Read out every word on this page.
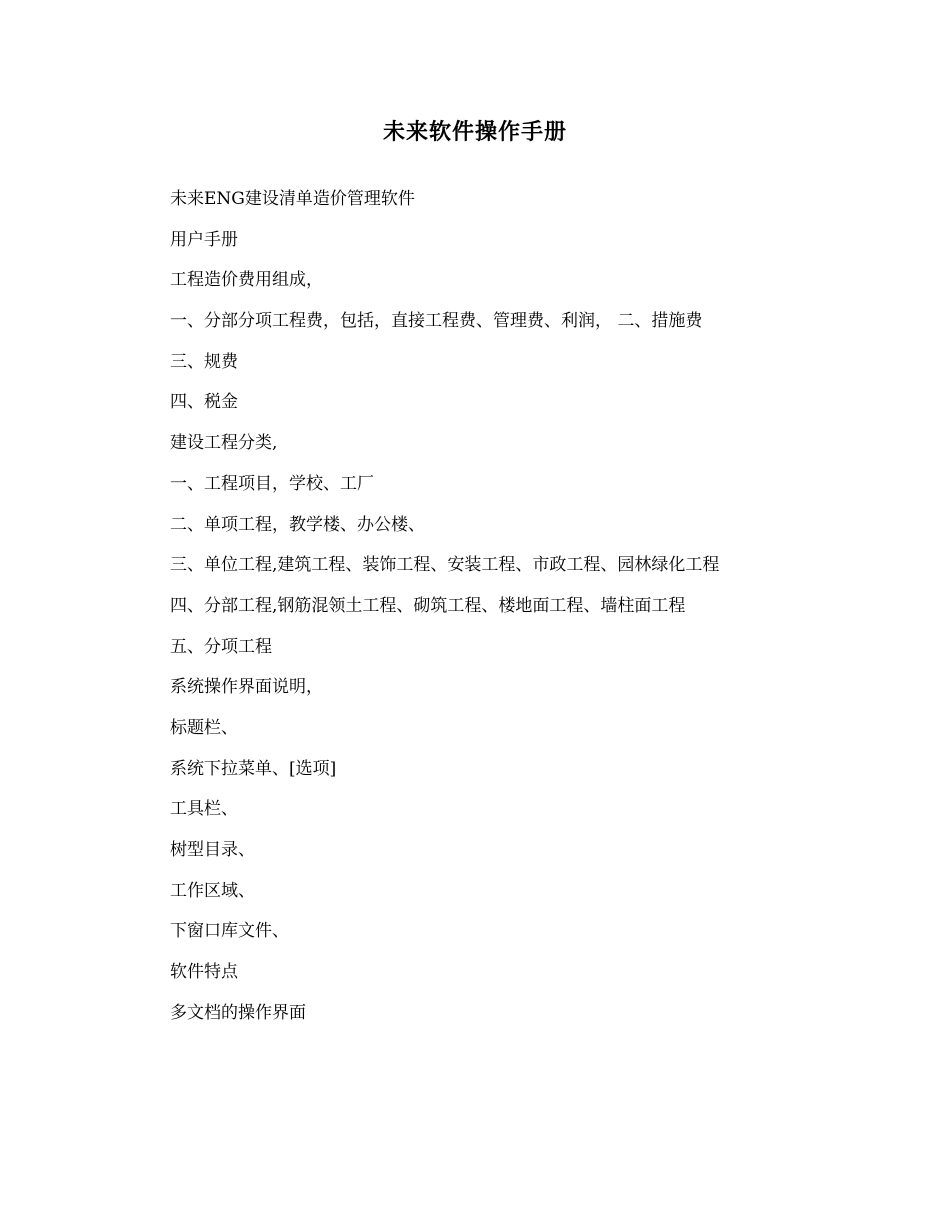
未来软件操作手册
未来ENG建设清单造价管理软件
用户手册
工程造价费用组成，
一、分部分项工程费，包括，直接工程费、管理费、利润， 二、措施费
三、规费
四、税金
建设工程分类,
一、工程项目，学校、工厂
二、单项工程，教学楼、办公楼、
三、单位工程,建筑工程、装饰工程、安装工程、市政工程、园林绿化工程
四、分部工程,钢筋混领土工程、砌筑工程、楼地面工程、墙柱面工程
五、分项工程
系统操作界面说明，
标题栏、
系统下拉菜单、[选项]
工具栏、
树型目录、
工作区域、
下窗口库文件、
软件特点
多文档的操作界面
